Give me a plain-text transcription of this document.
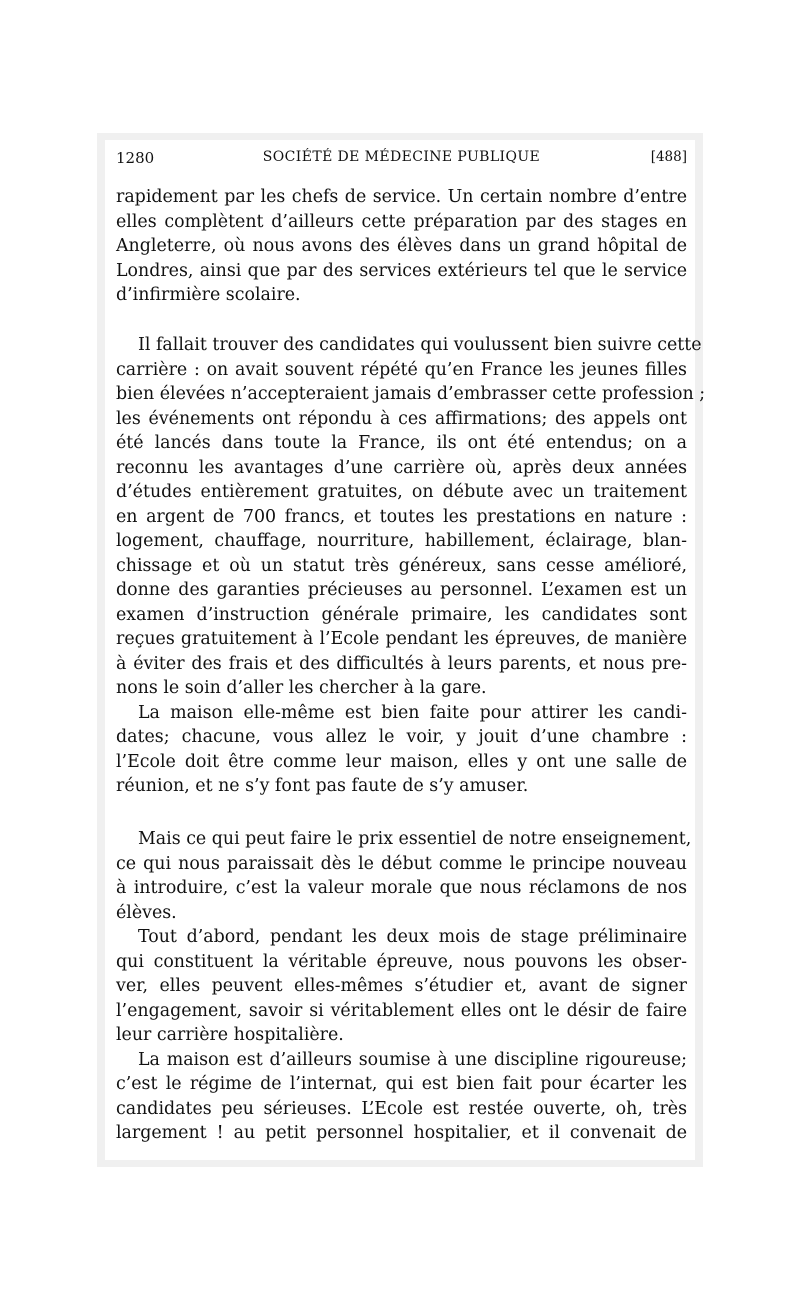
1280	SOCIÉTÉ DE MÉDECINE PUBLIQUE	[488]
rapidement par les chefs de service. Un certain nombre d’entre
elles complètent d’ailleurs cette préparation par des stages en
Angleterre, où nous avons des élèves dans un grand hôpital de
Londres, ainsi que par des services extérieurs tel que le service
d’infirmière scolaire.
Il fallait trouver des candidates qui voulussent bien suivre cette
carrière : on avait souvent répété qu’en France les jeunes filles
bien élevées n’accepteraient jamais d’embrasser cette profession ;
les événements ont répondu à ces affirmations; des appels ont
été lancés dans toute la France, ils ont été entendus; on a
reconnu les avantages d’une carrière où, après deux années
d’études entièrement gratuites, on débute avec un traitement
en argent de 700 francs, et toutes les prestations en nature :
logement, chauffage, nourriture, habillement, éclairage, blan-
chissage et où un statut très généreux, sans cesse amélioré,
donne des garanties précieuses au personnel. L’examen est un
examen d’instruction générale primaire, les candidates sont
reçues gratuitement à l’Ecole pendant les épreuves, de manière
à éviter des frais et des difficultés à leurs parents, et nous pre-
nons le soin d’aller les chercher à la gare.
La maison elle-même est bien faite pour attirer les candi-
dates; chacune, vous allez le voir, y jouit d’une chambre :
l’Ecole doit être comme leur maison, elles y ont une salle de
réunion, et ne s’y font pas faute de s’y amuser.
Mais ce qui peut faire le prix essentiel de notre enseignement,
ce qui nous paraissait dès le début comme le principe nouveau
à introduire, c’est la valeur morale que nous réclamons de nos
élèves.
Tout d’abord, pendant les deux mois de stage préliminaire
qui constituent la véritable épreuve, nous pouvons les obser-
ver, elles peuvent elles-mêmes s’étudier et, avant de signer
l’engagement, savoir si véritablement elles ont le désir de faire
leur carrière hospitalière.
La maison est d’ailleurs soumise à une discipline rigoureuse;
c’est le régime de l’internat, qui est bien fait pour écarter les
candidates peu sérieuses. L’Ecole est restée ouverte, oh, très
largement ! au petit personnel hospitalier, et il convenait de
